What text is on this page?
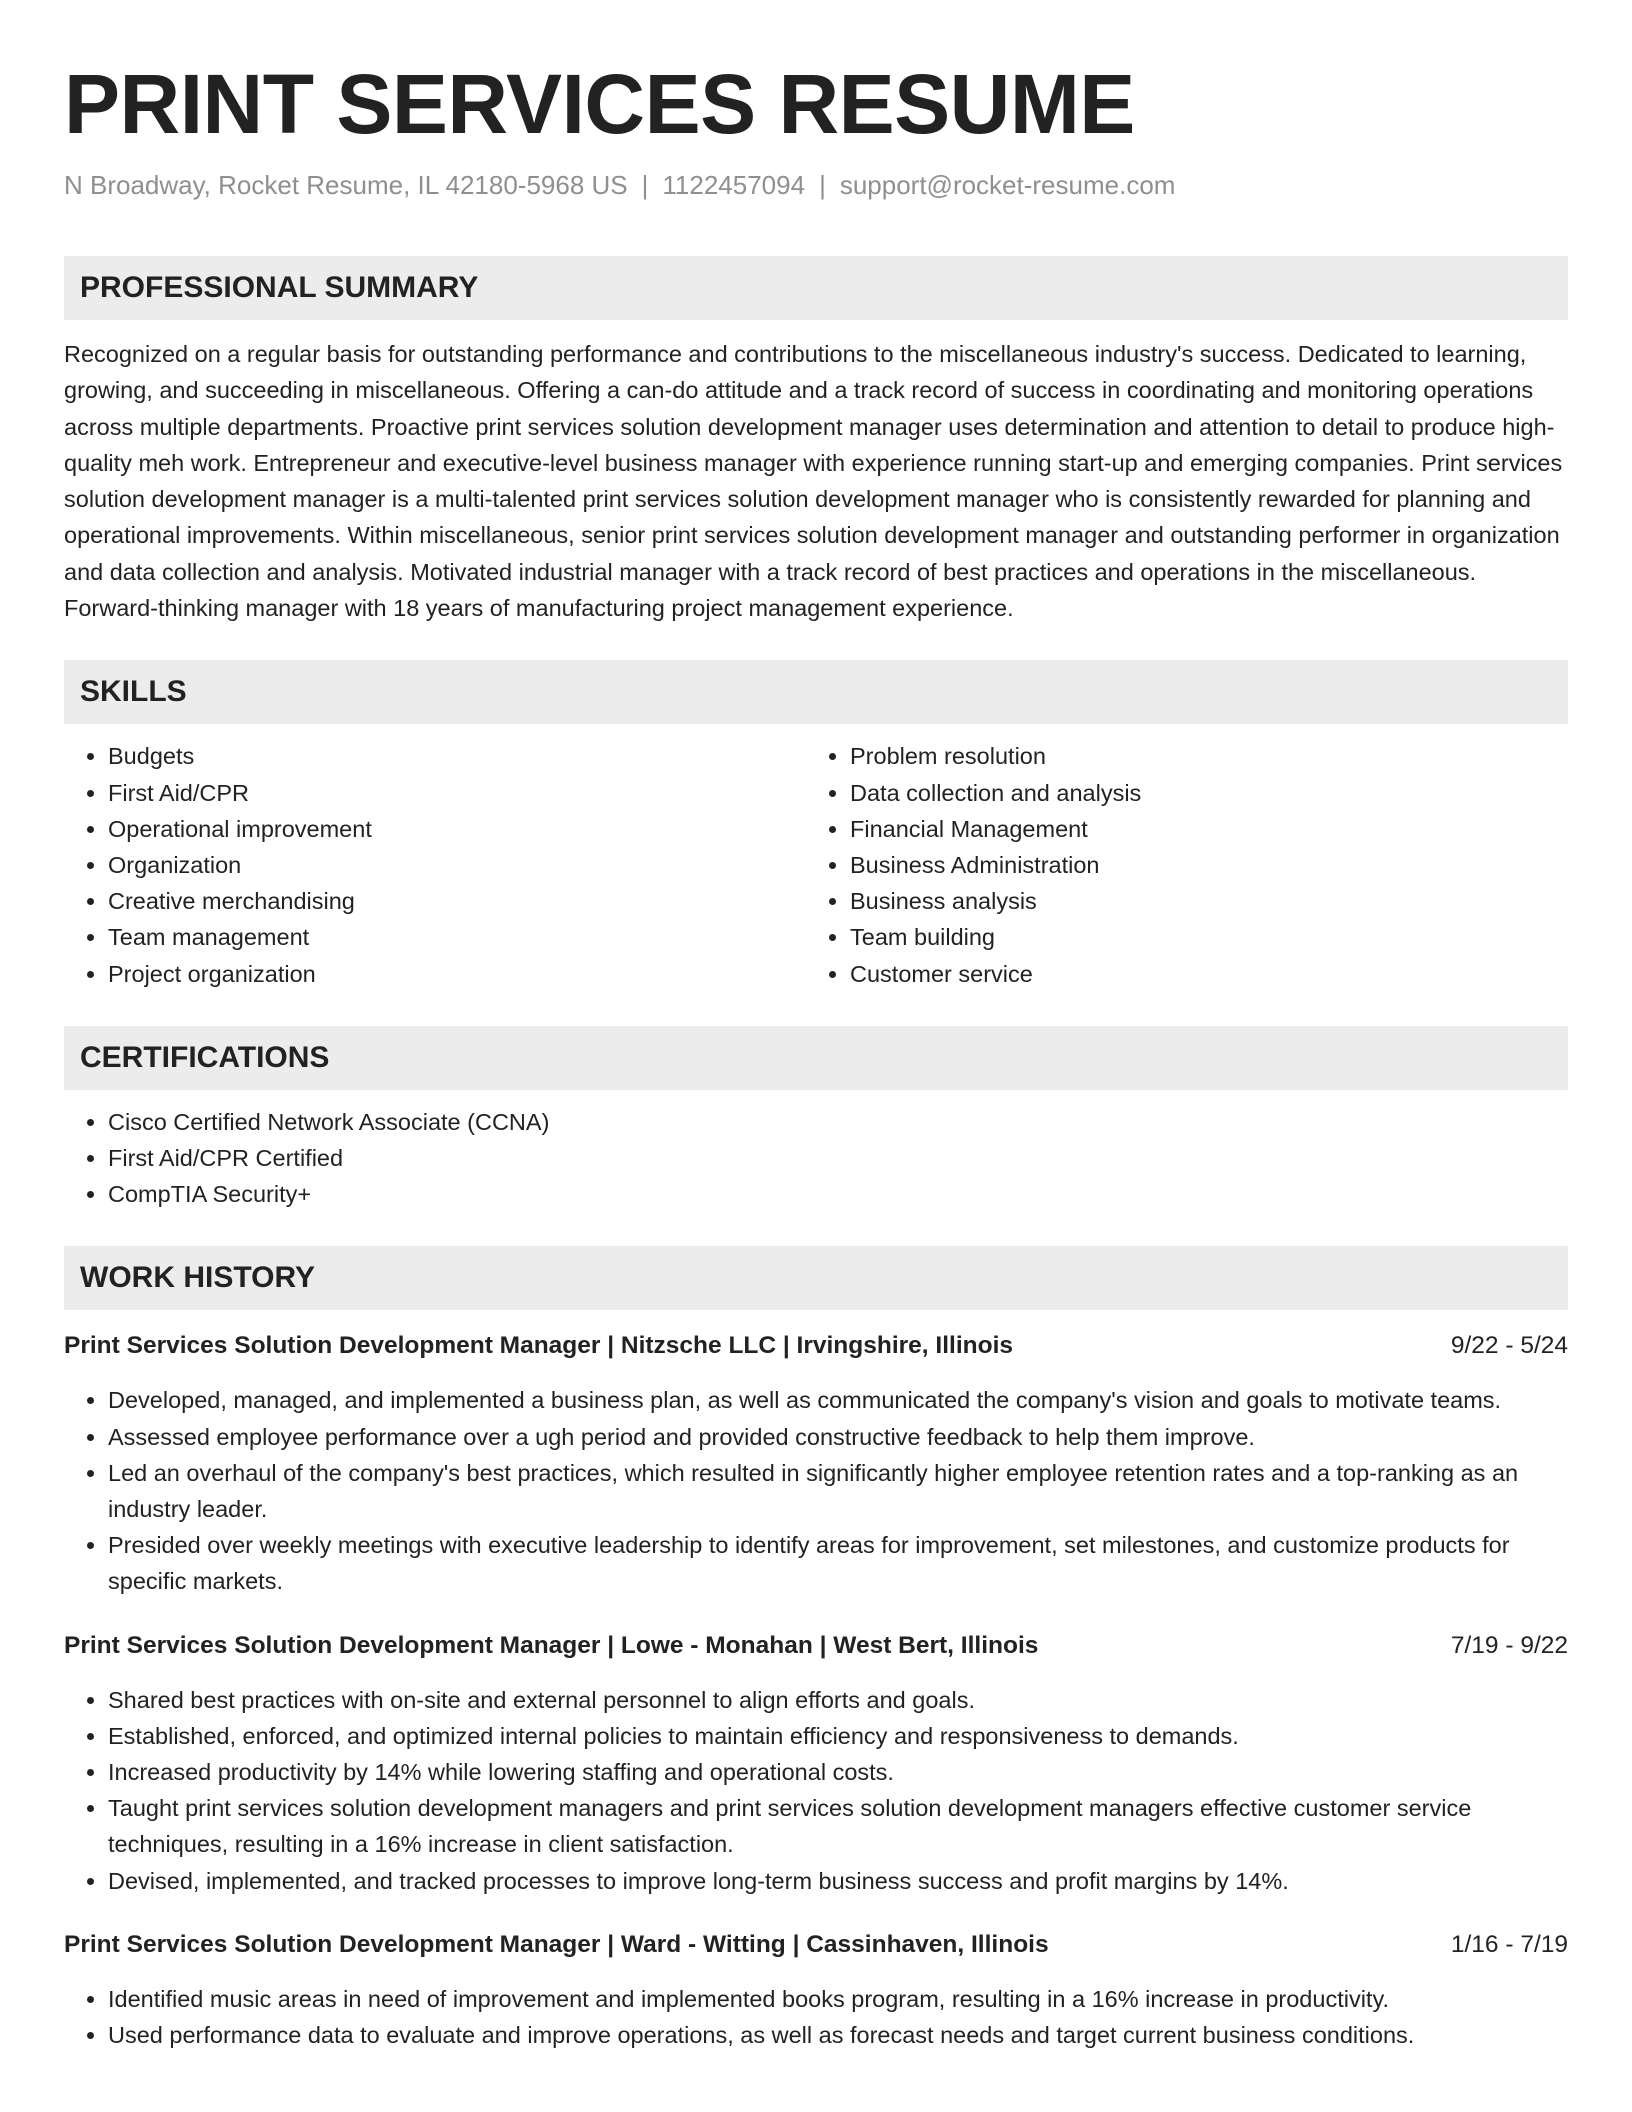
PRINT SERVICES RESUME
N Broadway, Rocket Resume, IL 42180-5968 US | 1122457094 | support@rocket-resume.com
PROFESSIONAL SUMMARY
Recognized on a regular basis for outstanding performance and contributions to the miscellaneous industry's success. Dedicated to learning, growing, and succeeding in miscellaneous. Offering a can-do attitude and a track record of success in coordinating and monitoring operations across multiple departments. Proactive print services solution development manager uses determination and attention to detail to produce high-quality meh work. Entrepreneur and executive-level business manager with experience running start-up and emerging companies. Print services solution development manager is a multi-talented print services solution development manager who is consistently rewarded for planning and operational improvements. Within miscellaneous, senior print services solution development manager and outstanding performer in organization and data collection and analysis. Motivated industrial manager with a track record of best practices and operations in the miscellaneous. Forward-thinking manager with 18 years of manufacturing project management experience.
SKILLS
• Budgets
• First Aid/CPR
• Operational improvement
• Organization
• Creative merchandising
• Team management
• Project organization
• Problem resolution
• Data collection and analysis
• Financial Management
• Business Administration
• Business analysis
• Team building
• Customer service
CERTIFICATIONS
• Cisco Certified Network Associate (CCNA)
• First Aid/CPR Certified
• CompTIA Security+
WORK HISTORY
Print Services Solution Development Manager | Nitzsche LLC | Irvingshire, Illinois	9/22 - 5/24
• Developed, managed, and implemented a business plan, as well as communicated the company's vision and goals to motivate teams.
• Assessed employee performance over a ugh period and provided constructive feedback to help them improve.
• Led an overhaul of the company's best practices, which resulted in significantly higher employee retention rates and a top-ranking as an industry leader.
• Presided over weekly meetings with executive leadership to identify areas for improvement, set milestones, and customize products for specific markets.
Print Services Solution Development Manager | Lowe - Monahan | West Bert, Illinois	7/19 - 9/22
• Shared best practices with on-site and external personnel to align efforts and goals.
• Established, enforced, and optimized internal policies to maintain efficiency and responsiveness to demands.
• Increased productivity by 14% while lowering staffing and operational costs.
• Taught print services solution development managers and print services solution development managers effective customer service techniques, resulting in a 16% increase in client satisfaction.
• Devised, implemented, and tracked processes to improve long-term business success and profit margins by 14%.
Print Services Solution Development Manager | Ward - Witting | Cassinhaven, Illinois	1/16 - 7/19
• Identified music areas in need of improvement and implemented books program, resulting in a 16% increase in productivity.
• Used performance data to evaluate and improve operations, as well as forecast needs and target current business conditions.
